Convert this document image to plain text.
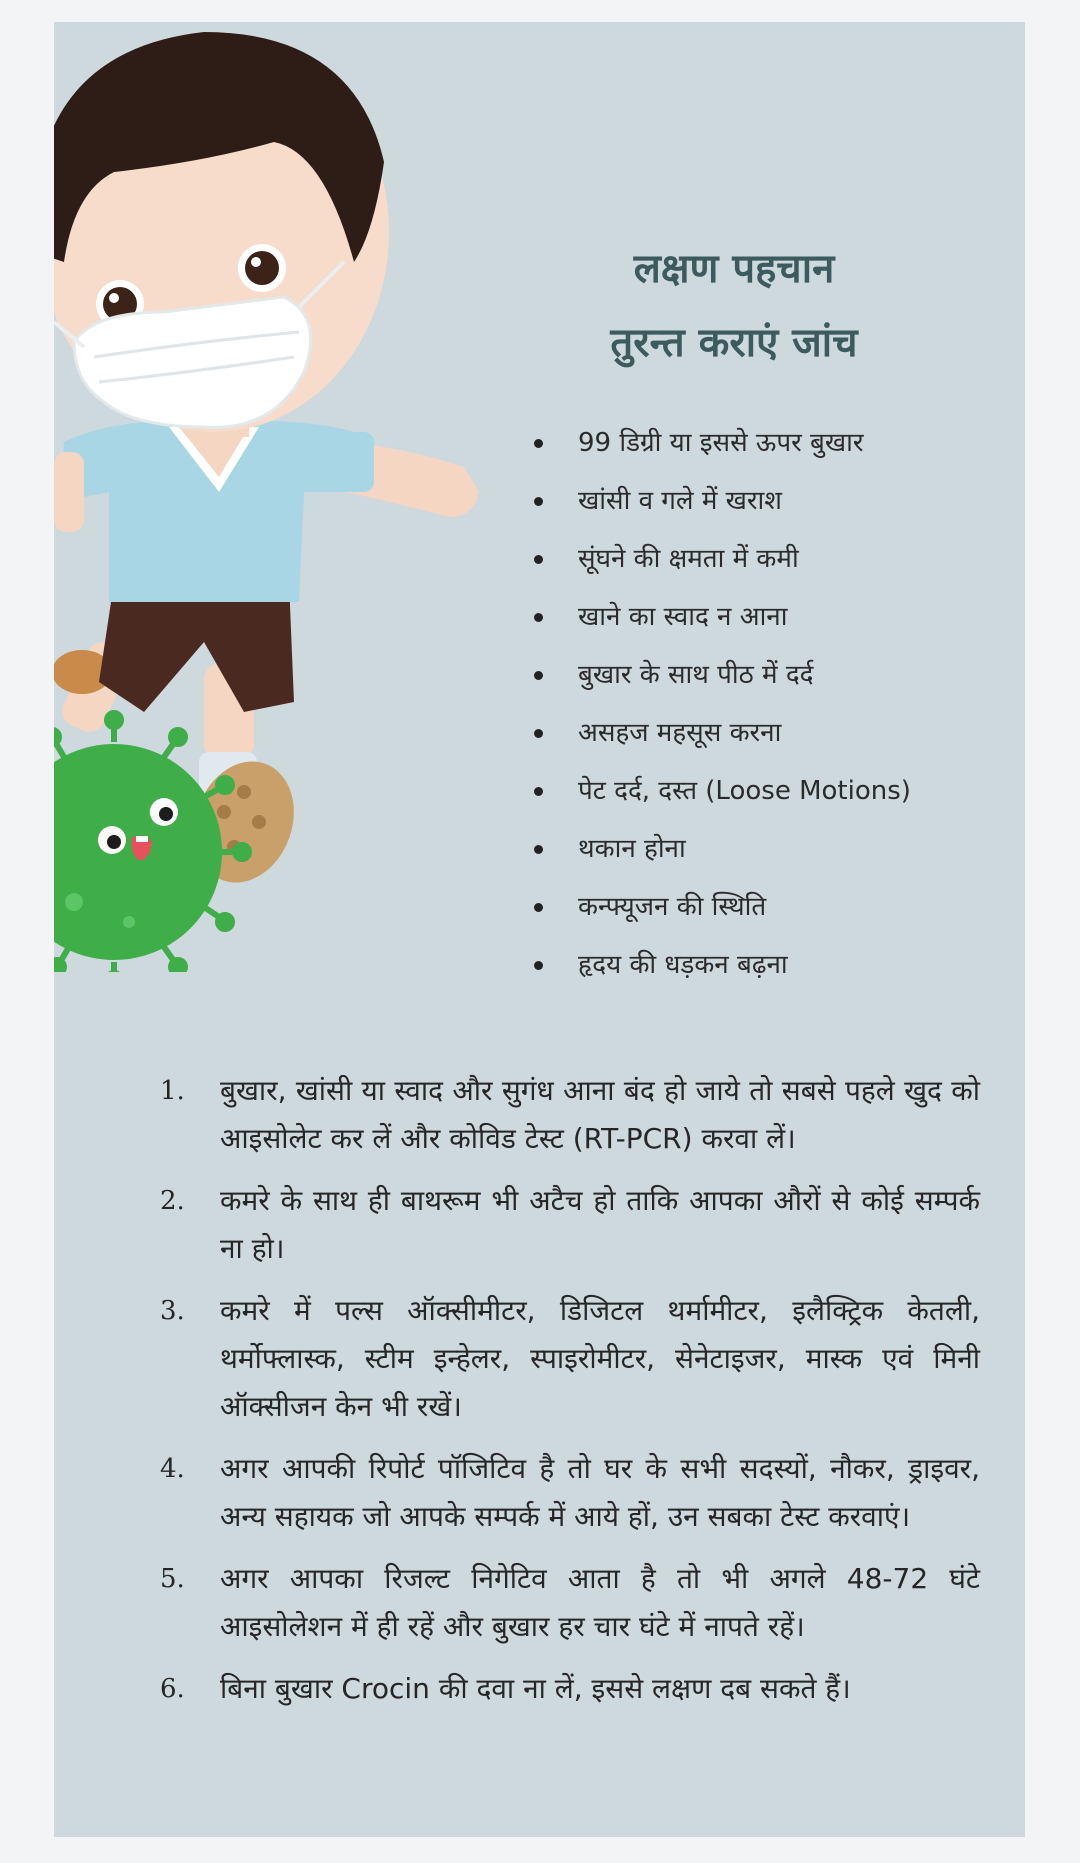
लक्षण पहचान
तुरन्त कराएं जांच
99 डिग्री या इससे ऊपर बुखार
खांसी व गले में खराश
सूंघने की क्षमता में कमी
खाने का स्वाद न आना
बुखार के साथ पीठ में दर्द
असहज महसूस करना
पेट दर्द, दस्त (Loose Motions)
थकान होना
कन्फ्यूजन की स्थिति
हृदय की धड़कन बढ़ना
1.	बुखार, खांसी या स्वाद और सुगंध आना बंद हो जाये तो सबसे पहले खुद को आइसोलेट कर लें और कोविड टेस्ट (RT-PCR) करवा लें।
2.	कमरे के साथ ही बाथरूम भी अटैच हो ताकि आपका औरों से कोई सम्पर्क ना हो।
3.	कमरे में पल्स ऑक्सीमीटर, डिजिटल थर्मामीटर, इलैक्ट्रिक केतली, थर्मोफ्लास्क, स्टीम इन्हेलर, स्पाइरोमीटर, सेनेटाइजर, मास्क एवं मिनी ऑक्सीजन केन भी रखें।
4.	अगर आपकी रिपोर्ट पॉजिटिव है तो घर के सभी सदस्यों, नौकर, ड्राइवर, अन्य सहायक जो आपके सम्पर्क में आये हों, उन सबका टेस्ट करवाएं।
5.	अगर आपका रिजल्ट निगेटिव आता है तो भी अगले 48-72 घंटे आइसोलेशन में ही रहें और बुखार हर चार घंटे में नापते रहें।
6.	बिना बुखार Crocin की दवा ना लें, इससे लक्षण दब सकते हैं।
